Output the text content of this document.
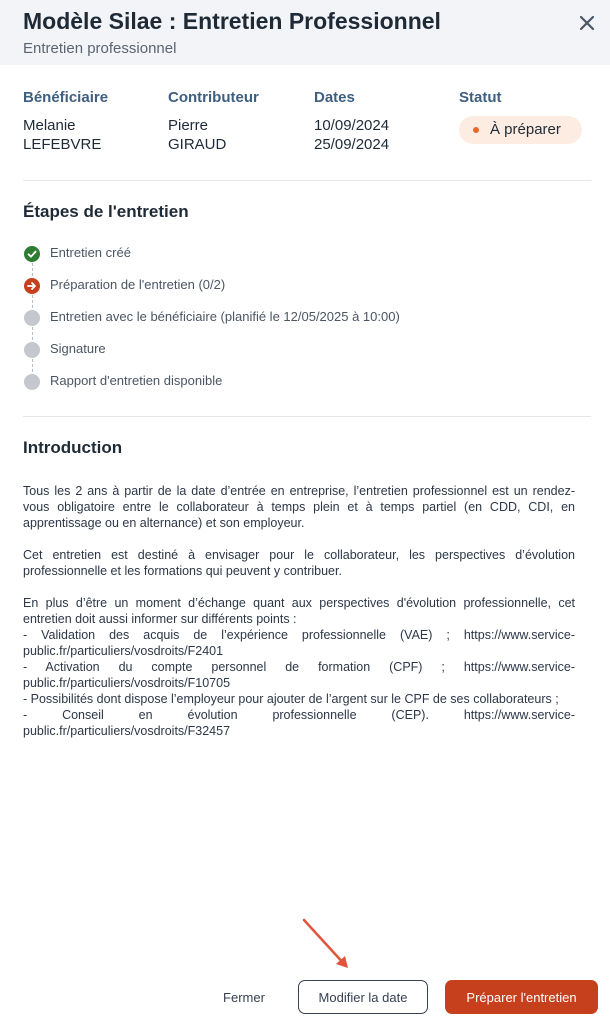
Modèle Silae : Entretien Professionnel
Entretien professionnel
Bénéficiaire
Melanie
LEFEBVRE
Contributeur
Pierre
GIRAUD
Dates
10/09/2024
25/09/2024
Statut
À préparer
Étapes de l'entretien
Entretien créé
Préparation de l'entretien (0/2)
Entretien avec le bénéficiaire (planifié le 12/05/2025 à 10:00)
Signature
Rapport d'entretien disponible
Introduction

Tous les 2 ans à partir de la date d’entrée en entreprise, l’entretien professionnel est un rendez-vous obligatoire entre le collaborateur à temps plein et à temps partiel (en CDD, CDI, en apprentissage ou en alternance) et son employeur.

Cet entretien est destiné à envisager pour le collaborateur, les perspectives d’évolution professionnelle et les formations qui peuvent y contribuer.

En plus d’être un moment d’échange quant aux perspectives d'évolution professionnelle, cet entretien doit aussi informer sur différents points :
- Validation des acquis de l’expérience professionnelle (VAE) ; https://www.service-public.fr/particuliers/vosdroits/F2401
- Activation du compte personnel de formation (CPF) ; https://www.service-public.fr/particuliers/vosdroits/F10705
- Possibilités dont dispose l’employeur pour ajouter de l’argent sur le CPF de ses collaborateurs ;
- Conseil en évolution professionnelle (CEP). https://www.service-public.fr/particuliers/vosdroits/F32457
Fermer	Modifier la date	Préparer l'entretien
